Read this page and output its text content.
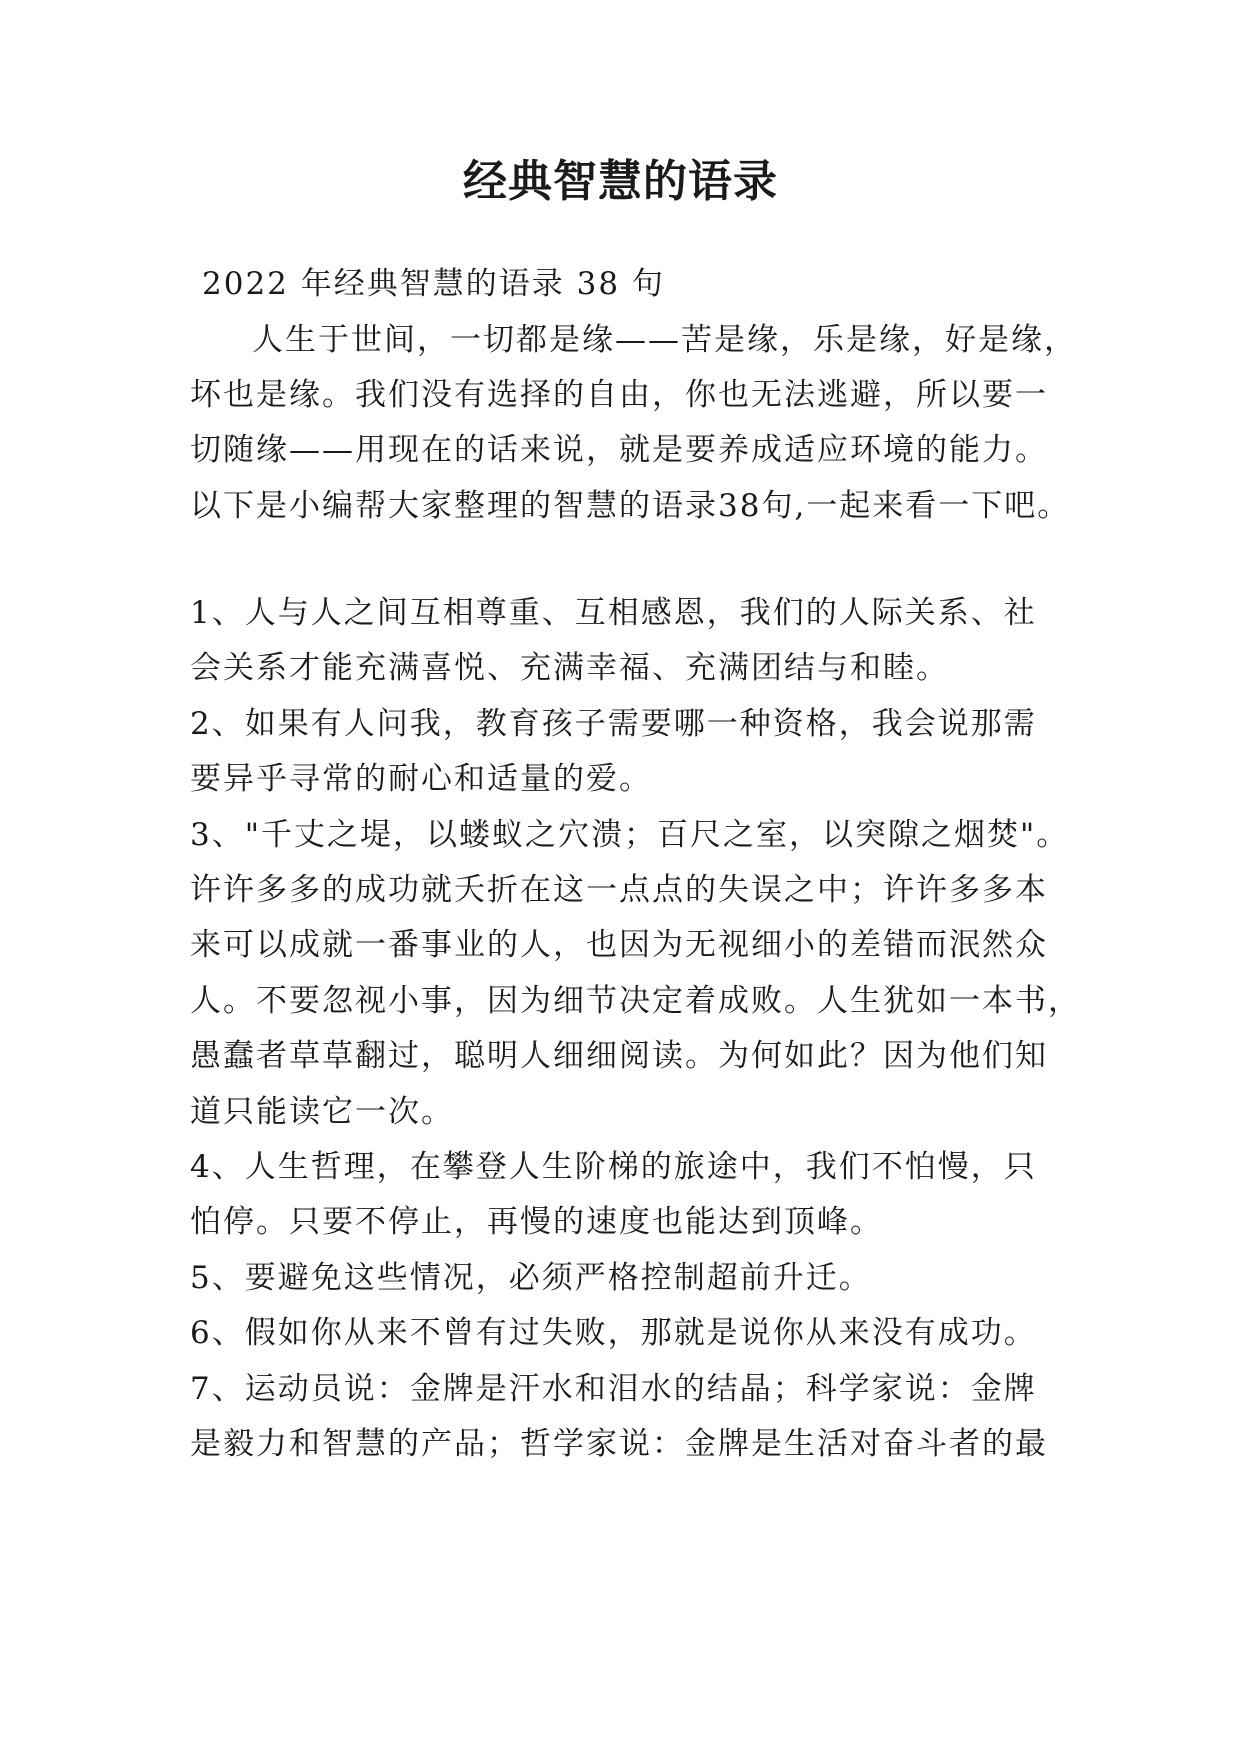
经典智慧的语录
2022 年经典智慧的语录 38 句
人生于世间，一切都是缘——苦是缘，乐是缘，好是缘，
坏也是缘。我们没有选择的自由，你也无法逃避，所以要一
切随缘——用现在的话来说，就是要养成适应环境的能力。
以下是小编帮大家整理的智慧的语录38句,一起来看一下吧。
1、人与人之间互相尊重、互相感恩，我们的人际关系、社
会关系才能充满喜悦、充满幸福、充满团结与和睦。
2、如果有人问我，教育孩子需要哪一种资格，我会说那需
要异乎寻常的耐心和适量的爱。
3、"千丈之堤，以蝼蚁之穴溃；百尺之室，以突隙之烟焚"。
许许多多的成功就夭折在这一点点的失误之中；许许多多本
来可以成就一番事业的人，也因为无视细小的差错而泯然众
人。不要忽视小事，因为细节决定着成败。人生犹如一本书，
愚蠢者草草翻过，聪明人细细阅读。为何如此？因为他们知
道只能读它一次。
4、人生哲理，在攀登人生阶梯的旅途中，我们不怕慢，只
怕停。只要不停止，再慢的速度也能达到顶峰。
5、要避免这些情况，必须严格控制超前升迁。
6、假如你从来不曾有过失败，那就是说你从来没有成功。
7、运动员说：金牌是汗水和泪水的结晶；科学家说：金牌
是毅力和智慧的产品；哲学家说：金牌是生活对奋斗者的最
